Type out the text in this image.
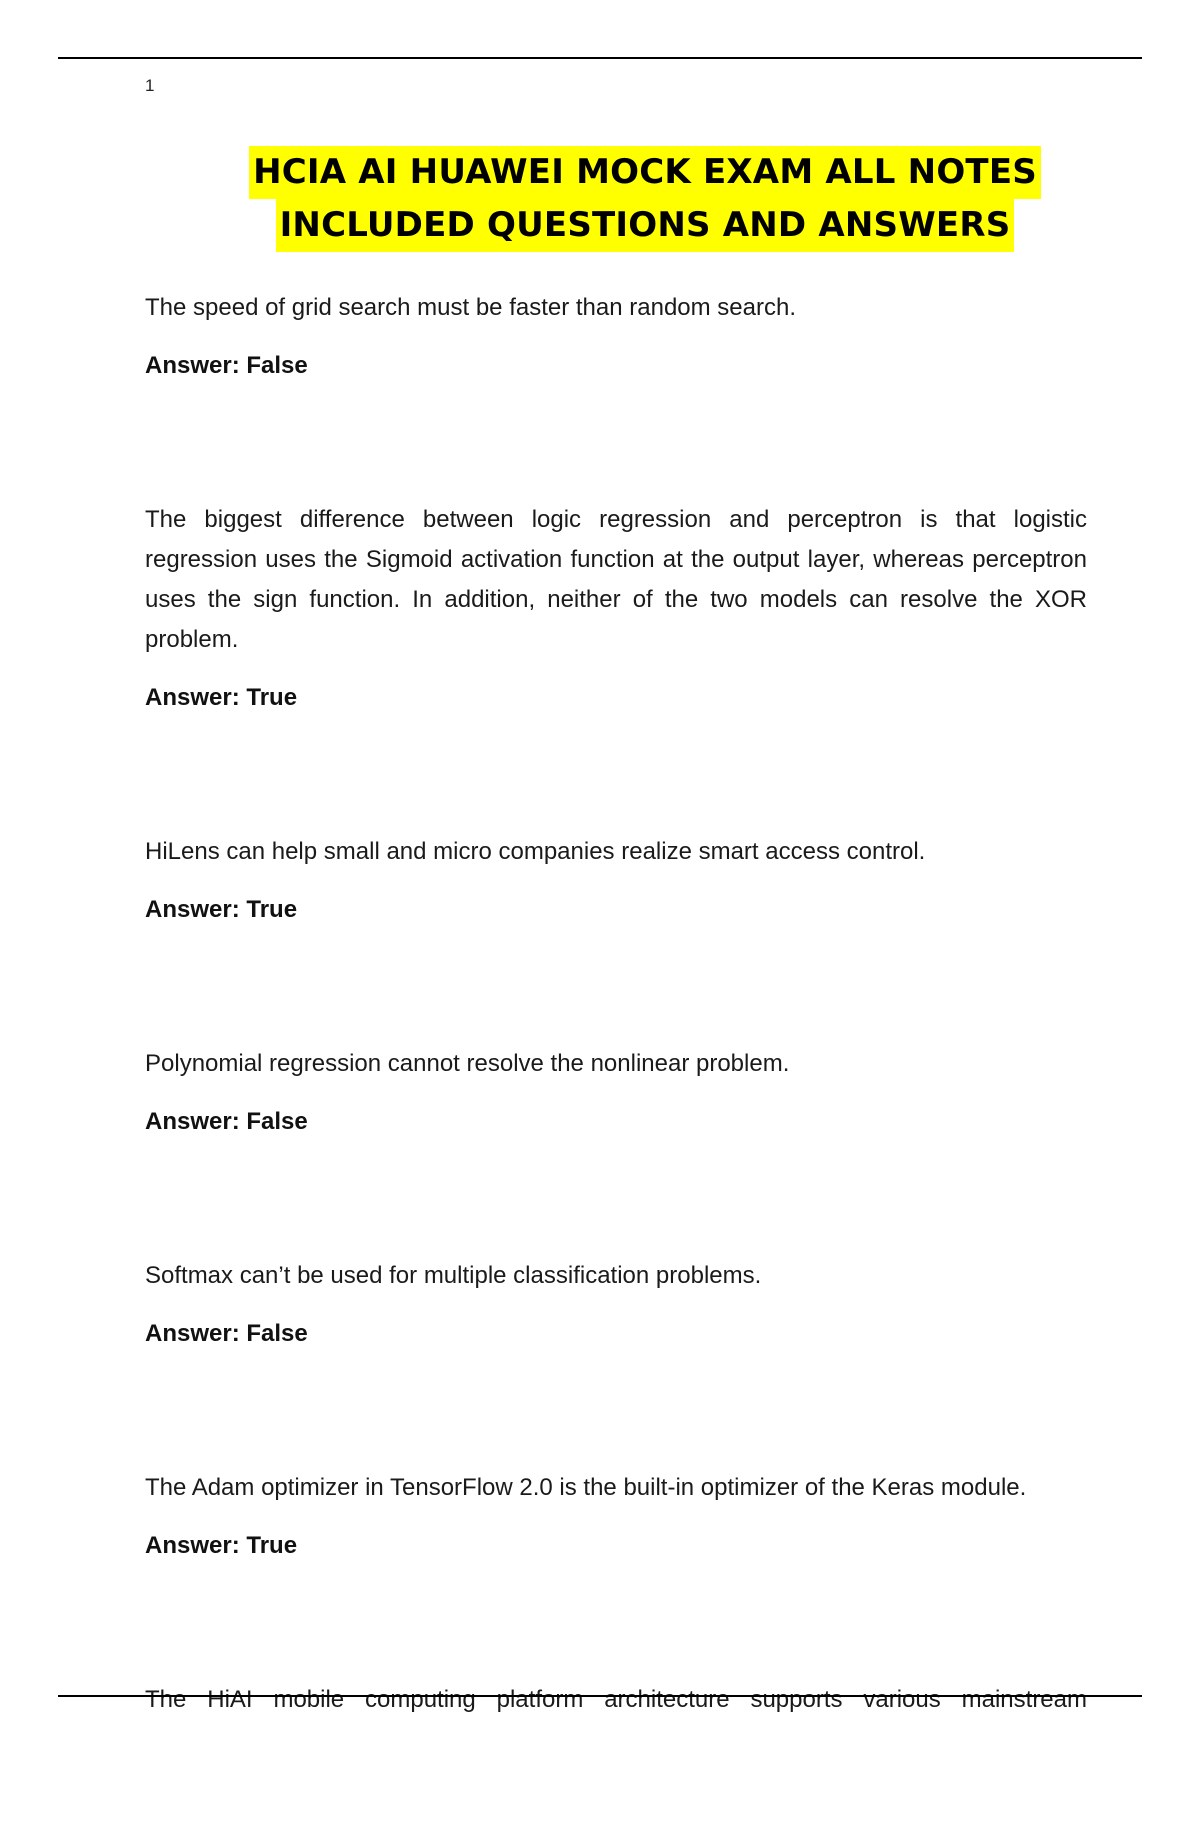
1
HCIA AI HUAWEI MOCK EXAM ALL NOTES
INCLUDED QUESTIONS AND ANSWERS

The speed of grid search must be faster than random search.

Answer: False

The biggest difference between logic regression and perceptron is that logistic regression uses the Sigmoid activation function at the output layer, whereas perceptron uses the sign function. In addition, neither of the two models can resolve the XOR problem.

Answer: True

HiLens can help small and micro companies realize smart access control.

Answer: True

Polynomial regression cannot resolve the nonlinear problem.

Answer: False

Softmax can’t be used for multiple classification problems.

Answer: False

The Adam optimizer in TensorFlow 2.0 is the built-in optimizer of the Keras module.

Answer: True

The HiAI mobile computing platform architecture supports various mainstream
